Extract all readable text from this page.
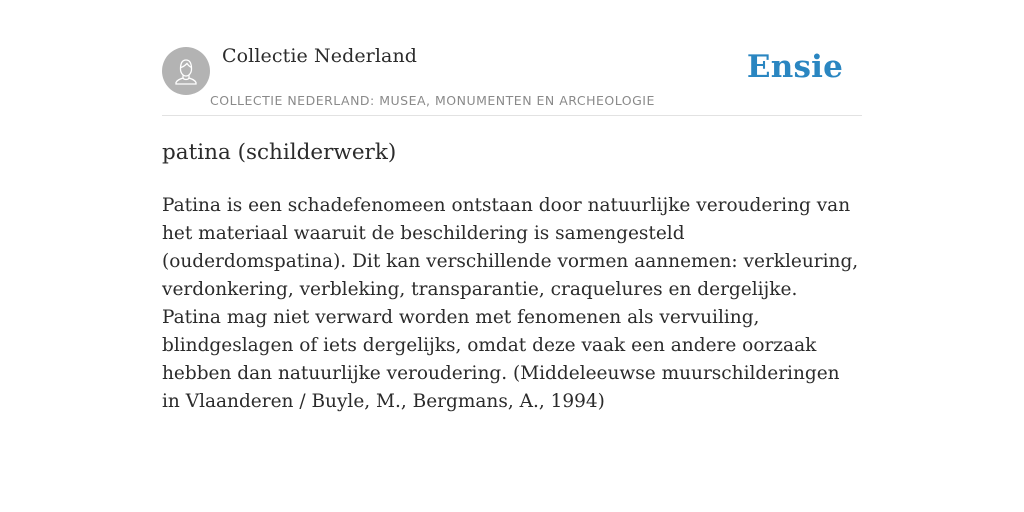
Collectie Nederland
COLLECTIE NEDERLAND: MUSEA, MONUMENTEN EN ARCHEOLOGIE
Ensie
patina (schilderwerk)

Patina is een schadefenomeen ontstaan door natuurlijke veroudering van het materiaal waaruit de beschildering is samengesteld (ouderdomspatina). Dit kan verschillende vormen aannemen: verkleuring, verdonkering, verbleking, transparantie, craquelures en dergelijke. Patina mag niet verward worden met fenomenen als vervuiling, blindgeslagen of iets dergelijks, omdat deze vaak een andere oorzaak hebben dan natuurlijke veroudering. (Middeleeuwse muurschilderingen in Vlaanderen / Buyle, M., Bergmans, A., 1994)
